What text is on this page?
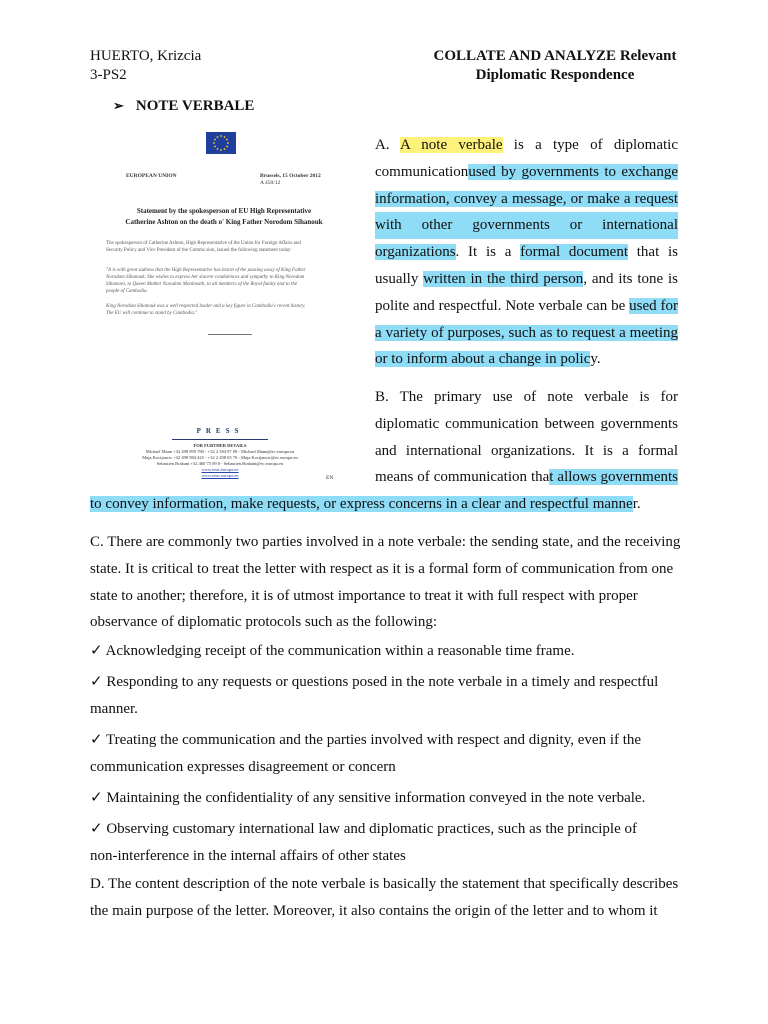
HUERTO, Krizcia
3-PS2
COLLATE AND ANALYZE Relevant
Diplomatic Respondence
➢ NOTE VERBALE
EUROPEAN UNION	Brussels, 15 October 2012
A 450/12
Statement by the spokesperson of EU High Representative
Catherine Ashton on the death o' King Father Norodom Sihanouk
The spokesperson of Catherine Ashton, High Representative of the Union for Foreign Affairs and
Security Policy and Vice President of the Comms sion, issued the following statement today:
"It is with great sadness that the High Representative has learnt of the passing away of King Father
Norodom Sihanouk. She wishes to express her sincere condolences and sympathy to King Norodom
Sihamoni, to Queen Mother Norodom Monineath, to all members of the Royal family and to the
people of Cambodia.
King Norodom Sihanouk was a well respected leader and a key figure in Cambodia's recent history.
The EU will continue to stand by Cambodia."
PRESS
FOR FURTHER DETAILS
Michael Mann +32 498 999 780 - +32 2 584 97 08 - Michael.Mann@ec.europa.eu
Maja Kocijancic +32 498 984 425 - +32 2 298 65 70 - Maja.Kocijancic@ec.europa.eu
Sebastien Brabant +32 460 75 09 8 - Sebastien.Brabant@ec.europa.eu
www.eeas.europa.eu
www.eeas.europa.eu	EN
A. A note verbale is a type of diplomatic
communicationused by governments to exchange
information, convey a message, or make a request
with other governments or international
organizations. It is a formal document that is
usually written in the third person, and its tone is
polite and respectful. Note verbale can be used for
a variety of purposes, such as to request a meeting
or to inform about a change in policy.
B. The primary use of note verbale is for
diplomatic communication between governments
and international organizations. It is a formal
means of communication that allows governments
to convey information, make requests, or express concerns in a clear and respectful manner.
C. There are commonly two parties involved in a note verbale: the sending state, and the receiving
state. It is critical to treat the letter with respect as it is a formal form of communication from one
state to another; therefore, it is of utmost importance to treat it with full respect with proper
observance of diplomatic protocols such as the following:
✓ Acknowledging receipt of the communication within a reasonable time frame.
✓ Responding to any requests or questions posed in the note verbale in a timely and respectful
manner.
✓ Treating the communication and the parties involved with respect and dignity, even if the
communication expresses disagreement or concern
✓ Maintaining the confidentiality of any sensitive information conveyed in the note verbale.
✓ Observing customary international law and diplomatic practices, such as the principle of
non-interference in the internal affairs of other states
D. The content description of the note verbale is basically the statement that specifically describes
the main purpose of the letter. Moreover, it also contains the origin of the letter and to whom it
